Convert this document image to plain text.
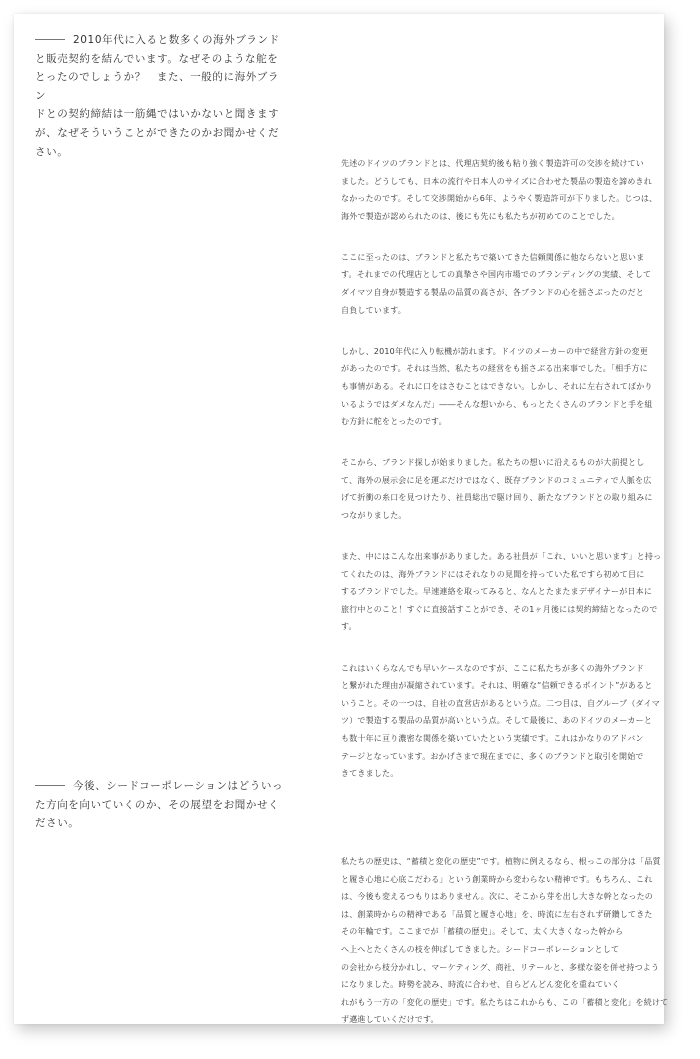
2010年代に入ると数多くの海外ブランド
と販売契約を結んでいます。なぜそのような舵を
とったのでしょうか？　また、一般的に海外ブラン
ドとの契約締結は一筋縄ではいかないと聞きます
が、なぜそういうことができたのかお聞かせくだ
さい。
先述のドイツのブランドとは、代理店契約後も粘り強く製造許可の交渉を続けてい
ました。どうしても、日本の流行や日本人のサイズに合わせた製品の製造を諦めきれ
なかったのです。そして交渉開始から6年、ようやく製造許可が下りました。じつは、
海外で製造が認められたのは、後にも先にも私たちが初めてのことでした。
ここに至ったのは、ブランドと私たちで築いてきた信頼関係に他ならないと思いま
す。それまでの代理店としての真摯さや国内市場でのブランディングの実績、そして
ダイマツ自身が製造する製品の品質の高さが、各ブランドの心を揺さぶったのだと
自負しています。
しかし、2010年代に入り転機が訪れます。ドイツのメーカーの中で経営方針の変更
があったのです。それは当然、私たちの経営をも揺さぶる出来事でした。「相手方に
も事情がある。それに口をはさむことはできない。しかし、それに左右されてばかり
いるようではダメなんだ」――そんな想いから、もっとたくさんのブランドと手を組
む方針に舵をとったのです。
そこから、ブランド探しが始まりました。私たちの想いに沿えるものが大前提とし
て、海外の展示会に足を運ぶだけではなく、既存ブランドのコミュニティで人脈を広
げて折衝の糸口を見つけたり、社員総出で駆け回り、新たなブランドとの取り組みに
つながりました。
また、中にはこんな出来事がありました。ある社員が「これ、いいと思います」と持っ
てくれたのは、海外ブランドにはそれなりの見聞を持っていた私ですら初めて目に
するブランドでした。早速連絡を取ってみると、なんとたまたまデザイナーが日本に
旅行中とのこと！すぐに直接話すことができ、その1ヶ月後には契約締結となったので
す。
これはいくらなんでも早いケースなのですが、ここに私たちが多くの海外ブランド
と繋がれた理由が凝縮されています。それは、明確な“信頼できるポイント”があると
いうこと。その一つは、自社の直営店があるという点。二つ目は、自グループ（ダイマ
ツ）で製造する製品の品質が高いという点。そして最後に、あのドイツのメーカーと
も数十年に亘り濃密な関係を築いていたという実績です。これはかなりのアドバン
テージとなっています。おかげさまで現在までに、多くのブランドと取引を開始で
きてきました。
今後、シードコーポレーションはどういっ
た方向を向いていくのか、その展望をお聞かせく
ださい。
私たちの歴史は、“蓄積と変化の歴史”です。植物に例えるなら、根っこの部分は「品質
と履き心地に心底こだわる」という創業時から変わらない精神です。もちろん、これ
は、今後も変えるつもりはありません。次に、そこから芽を出し大きな幹となったの
は、創業時からの精神である「品質と履き心地」を、時流に左右されず研鑽してきた
その年輪です。ここまでが「蓄積の歴史」。そして、太く大きくなった幹から
へ上へとたくさんの枝を伸ばしてきました。シードコーポレーションとして
の会社から枝分かれし、マーケティング、商社、リテールと、多様な姿を併せ持つよう
になりました。時勢を読み、時流に合わせ、自らどんどん変化を重ねていく
れがもう一方の「変化の歴史」です。私たちはこれからも、この「蓄積と変化」を続けて
ず邁進していくだけです。
